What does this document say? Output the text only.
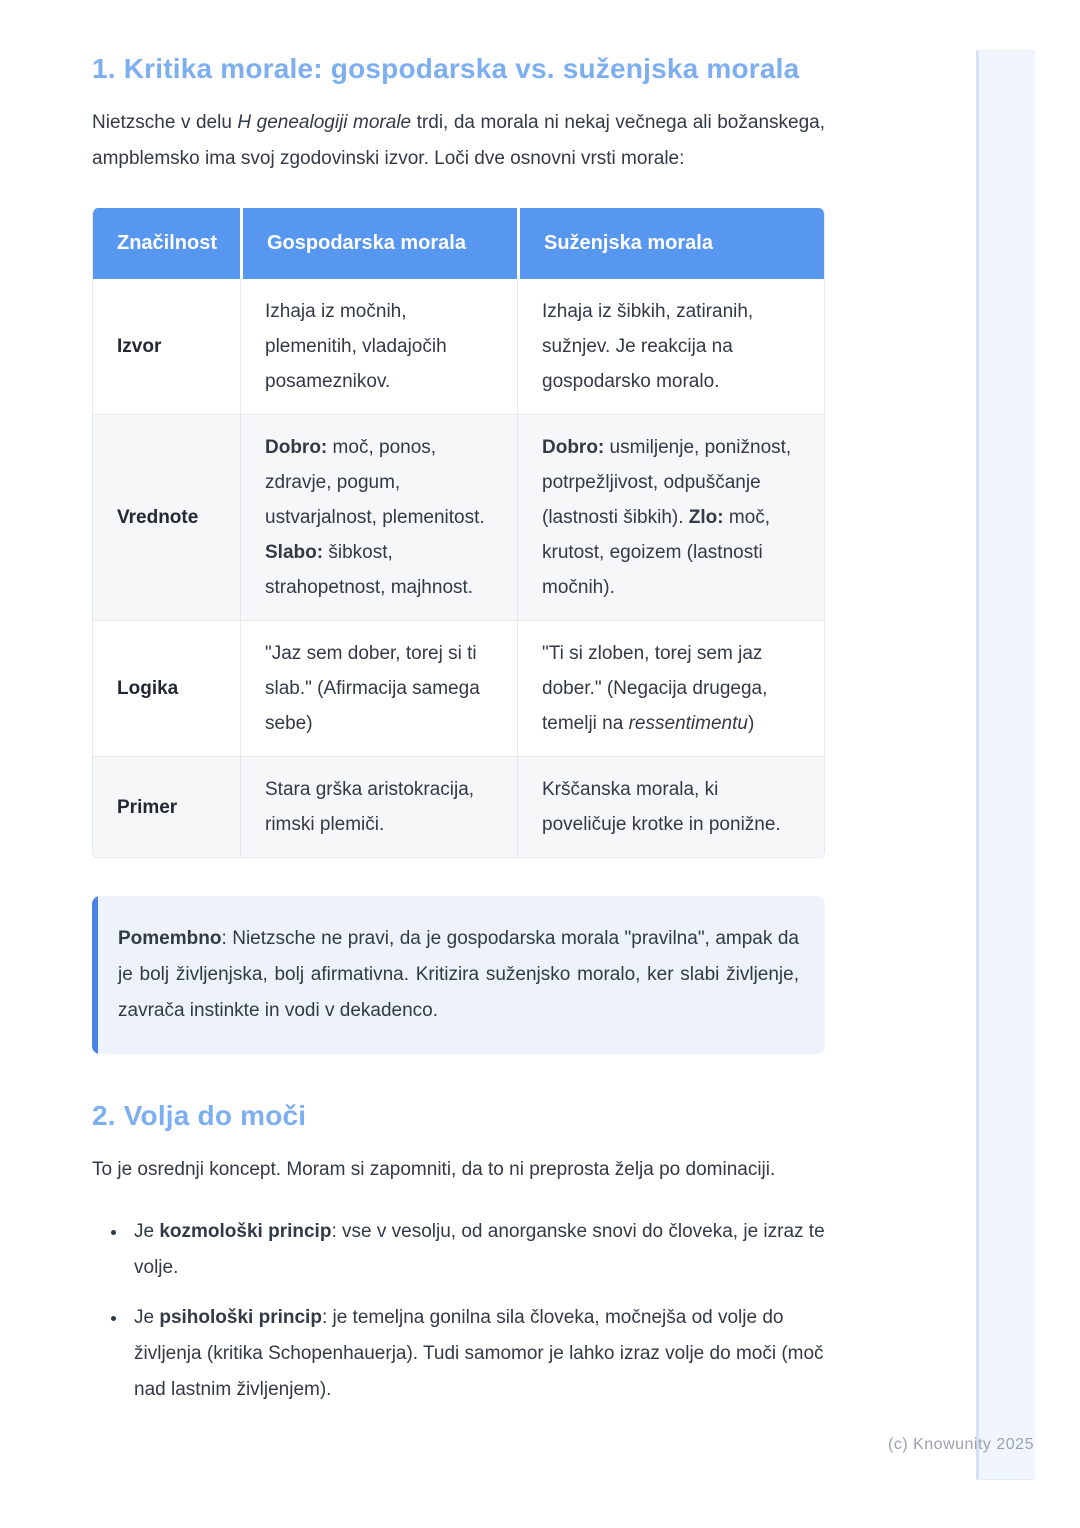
(c) Knowunity 2025
1. Kritika morale: gospodarska vs. suženjska morala

Nietzsche v delu H genealogiji morale trdi, da morala ni nekaj večnega ali božanskega, ampblemsko ima svoj zgodovinski izvor. Loči dve osnovni vrsti morale:

Značilnost	Gospodarska morala	Suženjska morala
Izvor	Izhaja iz močnih, plemenitih, vladajočih posameznikov.	Izhaja iz šibkih, zatiranih, sužnjev. Je reakcija na gospodarsko moralo.
Vrednote	Dobro: moč, ponos, zdravje, pogum, ustvarjalnost, plemenitost. Slabo: šibkost, strahopetnost, majhnost.	Dobro: usmiljenje, ponižnost, potrpežljivost, odpuščanje (lastnosti šibkih). Zlo: moč, krutost, egoizem (lastnosti močnih).
Logika	"Jaz sem dober, torej si ti slab." (Afirmacija samega sebe)	"Ti si zloben, torej sem jaz dober." (Negacija drugega, temelji na ressentimentu)
Primer	Stara grška aristokracija, rimski plemiči.	Krščanska morala, ki poveličuje krotke in ponižne.

Pomembno: Nietzsche ne pravi, da je gospodarska morala "pravilna", ampak da je bolj življenjska, bolj afirmativna. Kritizira suženjsko moralo, ker slabi življenje, zavrača instinkte in vodi v dekadenco.

2. Volja do moči

To je osrednji koncept. Moram si zapomniti, da to ni preprosta želja po dominaciji.

• Je kozmološki princip: vse v vesolju, od anorganske snovi do človeka, je izraz te volje.
• Je psihološki princip: je temeljna gonilna sila človeka, močnejša od volje do življenja (kritika Schopenhauerja). Tudi samomor je lahko izraz volje do moči (moč nad lastnim življenjem).
